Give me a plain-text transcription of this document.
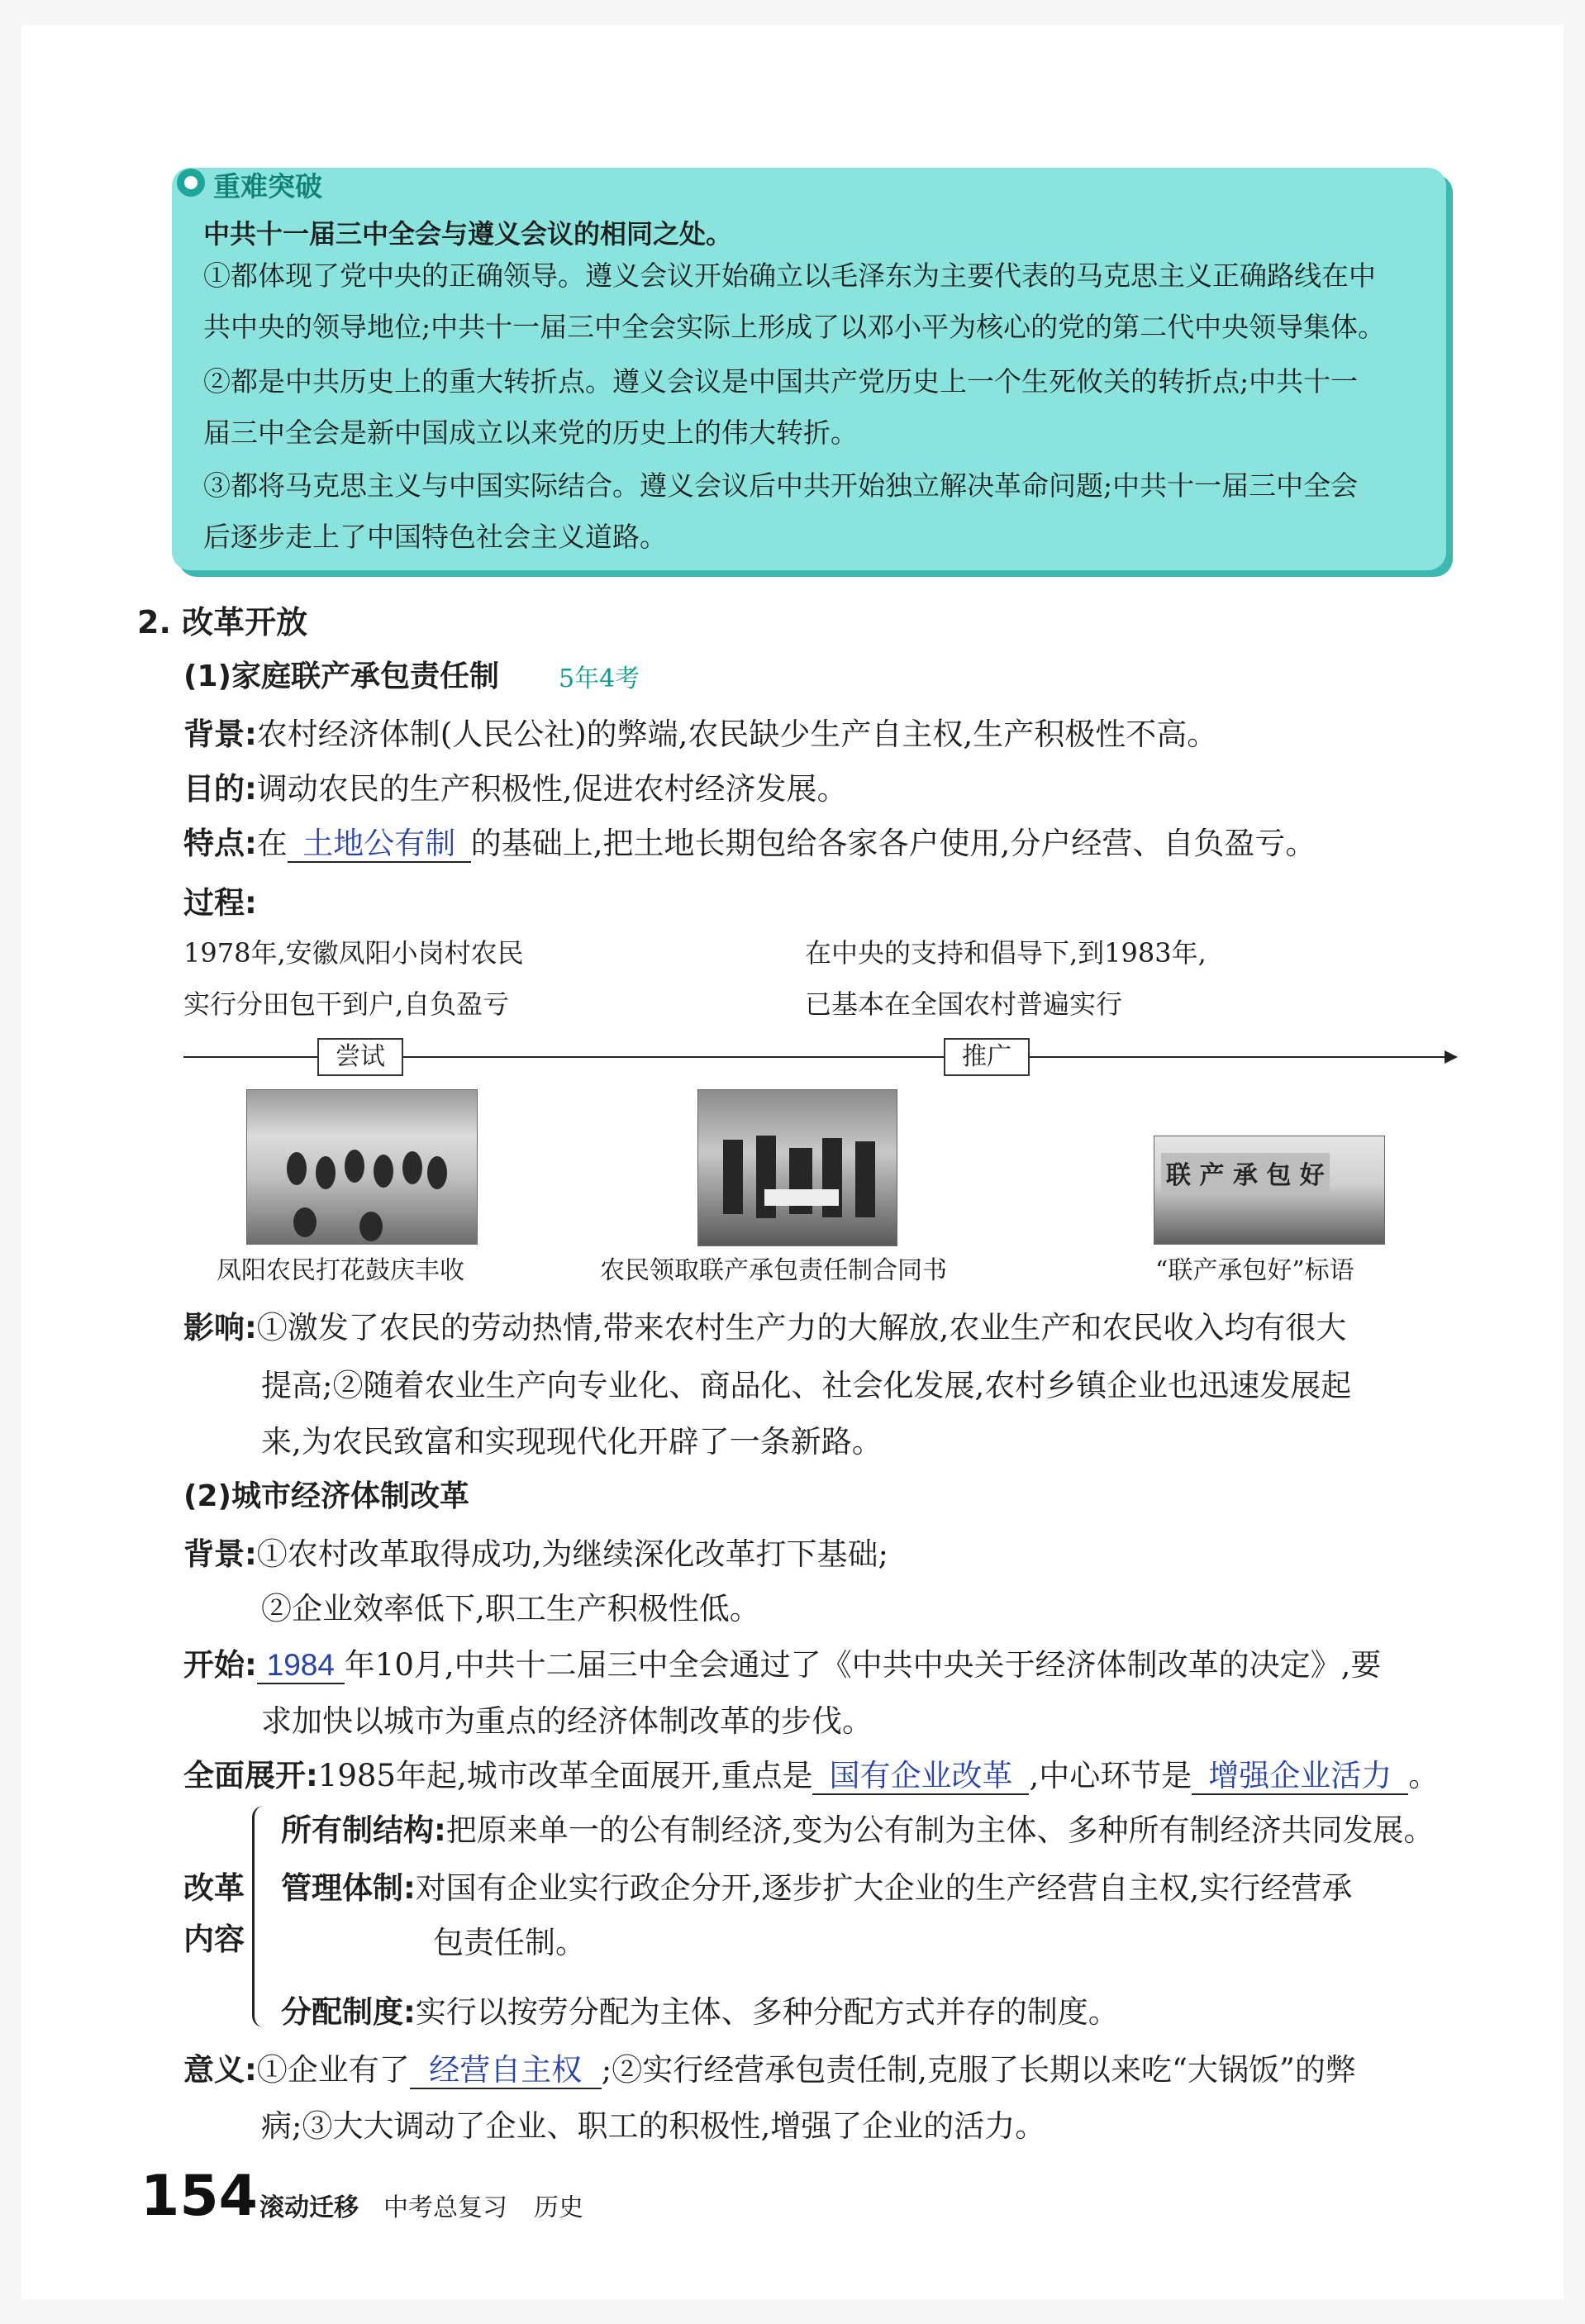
重难突破
中共十一届三中全会与遵义会议的相同之处。
①都体现了党中央的正确领导。遵义会议开始确立以毛泽东为主要代表的马克思主义正确路线在中
共中央的领导地位;中共十一届三中全会实际上形成了以邓小平为核心的党的第二代中央领导集体。
②都是中共历史上的重大转折点。遵义会议是中国共产党历史上一个生死攸关的转折点;中共十一
届三中全会是新中国成立以来党的历史上的伟大转折。
③都将马克思主义与中国实际结合。遵义会议后中共开始独立解决革命问题;中共十一届三中全会
后逐步走上了中国特色社会主义道路。
2. 改革开放
(1)家庭联产承包责任制 5年4考
背景:农村经济体制(人民公社)的弊端,农民缺少生产自主权,生产积极性不高。
目的:调动农民的生产积极性,促进农村经济发展。
特点:在 土地公有制 的基础上,把土地长期包给各家各户使用,分户经营、自负盈亏。
过程:
1978年,安徽凤阳小岗村农民
实行分田包干到户,自负盈亏
在中央的支持和倡导下,到1983年,
已基本在全国农村普遍实行
尝试	推广
联 产 承 包 好
凤阳农民打花鼓庆丰收	农民领取联产承包责任制合同书	“联产承包好”标语
影响:①激发了农民的劳动热情,带来农村生产力的大解放,农业生产和农民收入均有很大
提高;②随着农业生产向专业化、商品化、社会化发展,农村乡镇企业也迅速发展起
来,为农民致富和实现现代化开辟了一条新路。
(2)城市经济体制改革
背景:①农村改革取得成功,为继续深化改革打下基础;
②企业效率低下,职工生产积极性低。
开始: 1984 年10月,中共十二届三中全会通过了《中共中央关于经济体制改革的决定》,要
求加快以城市为重点的经济体制改革的步伐。
全面展开:1985年起,城市改革全面展开,重点是 国有企业改革 ,中心环节是 增强企业活力 。
改革
内容
所有制结构:把原来单一的公有制经济,变为公有制为主体、多种所有制经济共同发展。
管理体制:对国有企业实行政企分开,逐步扩大企业的生产经营自主权,实行经营承
包责任制。
分配制度:实行以按劳分配为主体、多种分配方式并存的制度。
意义:①企业有了 经营自主权 ;②实行经营承包责任制,克服了长期以来吃“大锅饭”的弊
病;③大大调动了企业、职工的积极性,增强了企业的活力。
154 滚动迁移 中考总复习 历史
